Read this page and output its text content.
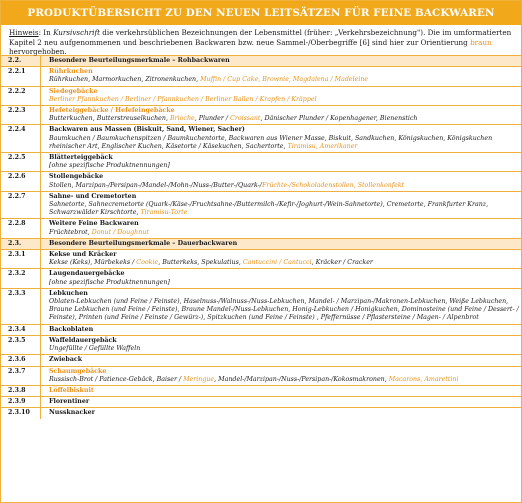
PRODUKTÜBERSICHT ZU DEN NEUEN LEITSÄTZEN FÜR FEINE BACKWAREN
Hinweis: In Kursivschrift die verkehrsüblichen Bezeichnungen der Lebensmittel (früher: „Verkehrsbezeichnung"). Die im umformatierten Kapitel 2 neu aufgenommenen und beschriebenen Backwaren bzw. neue Sammel-/Oberbegriffe [6] sind hier zur Orientierung braun hervorgehoben.
2.2.	Besondere Beurteilungsmerkmale – Rohbackwaren

2.2.1	Rührkuchen
Rührkuchen, Marmorkuchen, Zitronenkuchen, Muffin / Cup Cake, Brownie, Magdalena / Madeleine

2.2.2	Siedegebäcke
Berliner Pfannkuchen / Berliner / Pfannkuchen / Berliner Ballen / Krapfen / Kräppel

2.2.3	Hefeteiggebäcke / Hefefeingebäcke
Butterkuchen, Butterstreuselkuchen, Brioche, Plunder / Croissant, Dänischer Plunder / Kopenhagener, Bienenstich

2.2.4	Backwaren aus Massen (Biskuit, Sand, Wiener, Sacher)
Baumkuchen / Baumkuchenspitzen / Baumkuchentorte, Backwaren aus Wiener Masse, Biskuit, Sandkuchen, Königskuchen, Königskuchen rheinischer Art, Englischer Kuchen, Käsetorte / Käsekuchen, Sachertorte, Tiramisu, Amerikaner

2.2.5	Blätterteiggebäck
[ohne spezifische Produktnennungen]

2.2.6	Stollengebäcke
Stollen, Marzipan-/Persipan-/Mandel-/Mohn-/Nuss-/Butter-/Quark-/Früchte-/Schokoladenstollen, Stollenkonfekt

2.2.7	Sahne- und Cremetorten
Sahnetorte, Sahnecremetorte (Quark-/Käse-/Fruchtsahne-/Buttermilch-/Kefir-/Joghurt-/Wein-Sahnetorte), Cremetorte, Frankfurter Kranz, Schwarzwälder Kirschtorte, Tiramisu-Torte

2.2.8	Weitere Feine Backwaren
Früchtebrot, Donut / Doughnut

2.3.	Besondere Beurteilungsmerkmale – Dauerbackwaren

2.3.1	Kekse und Kräcker
Kekse (Keks), Mürbekeks / Cookie, Butterkeks, Spekulatius, Cantuccini / Cantucci, Kräcker / Cracker

2.3.2	Laugendauergebäcke
[ohne spezifische Produktnennungen]

2.3.3	Lebkuchen
Oblaten-Lebkuchen (und Feine / Feinste), Haselnuss-/Walnuss-/Nuss-Lebkuchen, Mandel- / Marzipan-/Makronen-Lebkuchen, Weiße Lebkuchen, Braune Lebkuchen (und Feine / Feinste), Braune Mandel-/Nuss-Lebkuchen, Honig-Lebkuchen / Honigkuchen, Dominosteine (und Feine / Dessert- / Feinste), Printen (und Feine / Feinste / Gewürz-), Spitzkuchen (und Feine / Feinste) , Pfeffernüsse / Pflastersteine / Magen- / Alpenbrot

2.3.4	Backoblaten

2.3.5	Waffeldauergebäck
Ungefüllte / Gefüllte Waffeln

2.3.6	Zwieback

2.3.7	Schaumgebäcke
Russisch-Brot / Patience-Gebäck, Baiser / Meringue, Mandel-/Marzipan-/Nuss-/Persipan-/Kokosmakronen, Macarons, Amarettini

2.3.8	Löffelbiskuit

2.3.9	Florentiner

2.3.10	Nussknacker
